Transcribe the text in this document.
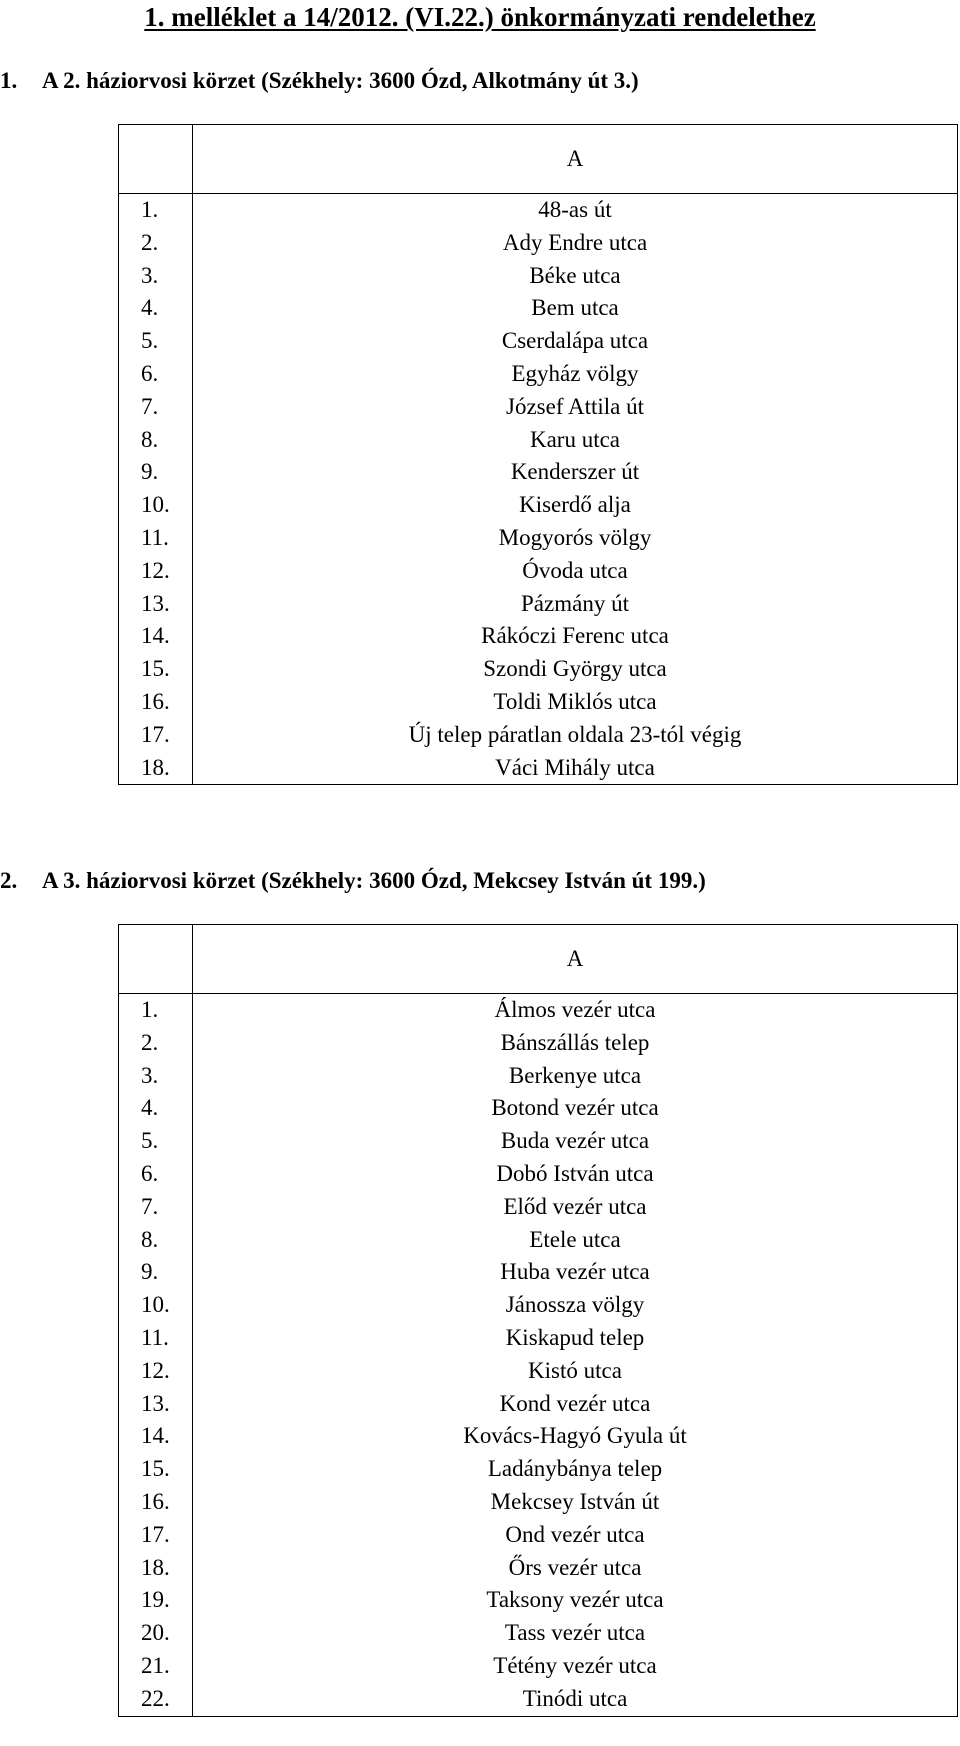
1. melléklet a 14/2012. (VI.22.) önkormányzati rendelethez
1. A 2. háziorvosi körzet (Székhely: 3600 Ózd, Alkotmány út 3.)
	A
1.	48-as út
2.	Ady Endre utca
3.	Béke utca
4.	Bem utca
5.	Cserdalápa utca
6.	Egyház völgy
7.	József Attila út
8.	Karu utca
9.	Kenderszer út
10.	Kiserdő alja
11.	Mogyorós völgy
12.	Óvoda utca
13.	Pázmány út
14.	Rákóczi Ferenc utca
15.	Szondi György utca
16.	Toldi Miklós utca
17.	Új telep páratlan oldala 23-tól végig
18.	Váci Mihály utca
2. A 3. háziorvosi körzet (Székhely: 3600 Ózd, Mekcsey István út 199.)
	A
1.	Álmos vezér utca
2.	Bánszállás telep
3.	Berkenye utca
4.	Botond vezér utca
5.	Buda vezér utca
6.	Dobó István utca
7.	Előd vezér utca
8.	Etele utca
9.	Huba vezér utca
10.	Jánossza völgy
11.	Kiskapud telep
12.	Kistó utca
13.	Kond vezér utca
14.	Kovács-Hagyó Gyula út
15.	Ladánybánya telep
16.	Mekcsey István út
17.	Ond vezér utca
18.	Őrs vezér utca
19.	Taksony vezér utca
20.	Tass vezér utca
21.	Tétény vezér utca
22.	Tinódi utca
